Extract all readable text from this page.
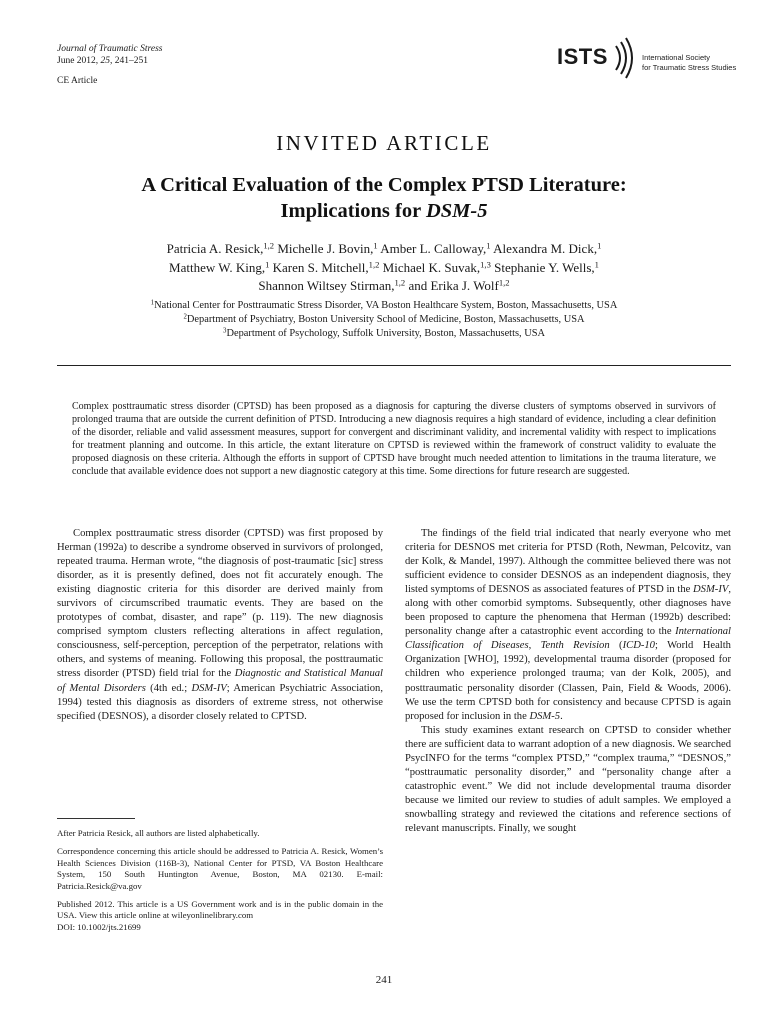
Journal of Traumatic Stress
June 2012, 25, 241–251
CE Article
ISTS	International Society
for Traumatic Stress Studies
INVITED ARTICLE
A Critical Evaluation of the Complex PTSD Literature:
Implications for DSM-5
Patricia A. Resick,$^{1,2}$ Michelle J. Bovin,$^1$ Amber L. Calloway,$^1$ Alexandra M. Dick,$^1$
Matthew W. King,$^1$ Karen S. Mitchell,$^{1,2}$ Michael K. Suvak,$^{1,3}$ Stephanie Y. Wells,$^1$
Shannon Wiltsey Stirman,$^{1,2}$ and Erika J. Wolf$^{1,2}$
$^1$National Center for Posttraumatic Stress Disorder, VA Boston Healthcare System, Boston, Massachusetts, USA
$^2$Department of Psychiatry, Boston University School of Medicine, Boston, Massachusetts, USA
$^3$Department of Psychology, Suffolk University, Boston, Massachusetts, USA
Complex posttraumatic stress disorder (CPTSD) has been proposed as a diagnosis for capturing the diverse clusters of symptoms observed in survivors of prolonged trauma that are outside the current definition of PTSD. Introducing a new diagnosis requires a high standard of evidence, including a clear definition of the disorder, reliable and valid assessment measures, support for convergent and discriminant validity, and incremental validity with respect to implications for treatment planning and outcome. In this article, the extant literature on CPTSD is reviewed within the framework of construct validity to evaluate the proposed diagnosis on these criteria. Although the efforts in support of CPTSD have brought much needed attention to limitations in the trauma literature, we conclude that available evidence does not support a new diagnostic category at this time. Some directions for future research are suggested.

Complex posttraumatic stress disorder (CPTSD) was first proposed by Herman (1992a) to describe a syndrome observed in survivors of prolonged, repeated trauma. Herman wrote, “the diagnosis of post-traumatic [sic] stress disorder, as it is presently defined, does not fit accurately enough. The existing diagnostic criteria for this disorder are derived mainly from survivors of circumscribed traumatic events. They are based on the prototypes of combat, disaster, and rape” (p. 119). The new diagnosis comprised symptom clusters reflecting alterations in affect regulation, consciousness, self-perception, perception of the perpetrator, relations with others, and systems of meaning. Following this proposal, the posttraumatic stress disorder (PTSD) field trial for the Diagnostic and Statistical Manual of Mental Disorders (4th ed.; DSM-IV; American Psychiatric Association, 1994) tested this diagnosis as disorders of extreme stress, not otherwise specified (DESNOS), a disorder closely related to CPTSD.

The findings of the field trial indicated that nearly everyone who met criteria for DESNOS met criteria for PTSD (Roth, Newman, Pelcovitz, van der Kolk, & Mandel, 1997). Although the committee believed there was not sufficient evidence to consider DESNOS as an independent diagnosis, they listed symptoms of DESNOS as associated features of PTSD in the DSM-IV, along with other comorbid symptoms. Subsequently, other diagnoses have been proposed to capture the phenomena that Herman (1992b) described: personality change after a catastrophic event according to the International Classification of Diseases, Tenth Revision (ICD-10; World Health Organization [WHO], 1992), developmental trauma disorder (proposed for children who experience prolonged trauma; van der Kolk, 2005), and posttraumatic personality disorder (Classen, Pain, Field & Woods, 2006). We use the term CPTSD both for consistency and because CPTSD is again proposed for inclusion in the DSM-5.

This study examines extant research on CPTSD to consider whether there are sufficient data to warrant adoption of a new diagnosis. We searched PsycINFO for the terms “complex PTSD,” “complex trauma,” “DESNOS,” “posttraumatic personality disorder,” and “personality change after a catastrophic event.” We did not include developmental trauma disorder because we limited our review to studies of adult samples. We employed a snowballing strategy and reviewed the citations and reference sections of relevant manuscripts. Finally, we sought

After Patricia Resick, all authors are listed alphabetically.

Correspondence concerning this article should be addressed to Patricia A. Resick, Women’s Health Sciences Division (116B-3), National Center for PTSD, VA Boston Healthcare System, 150 South Huntington Avenue, Boston, MA 02130. E-mail: Patricia.Resick@va.gov

Published 2012. This article is a US Government work and is in the public domain in the USA. View this article online at wileyonlinelibrary.com
DOI: 10.1002/jts.21699

241
